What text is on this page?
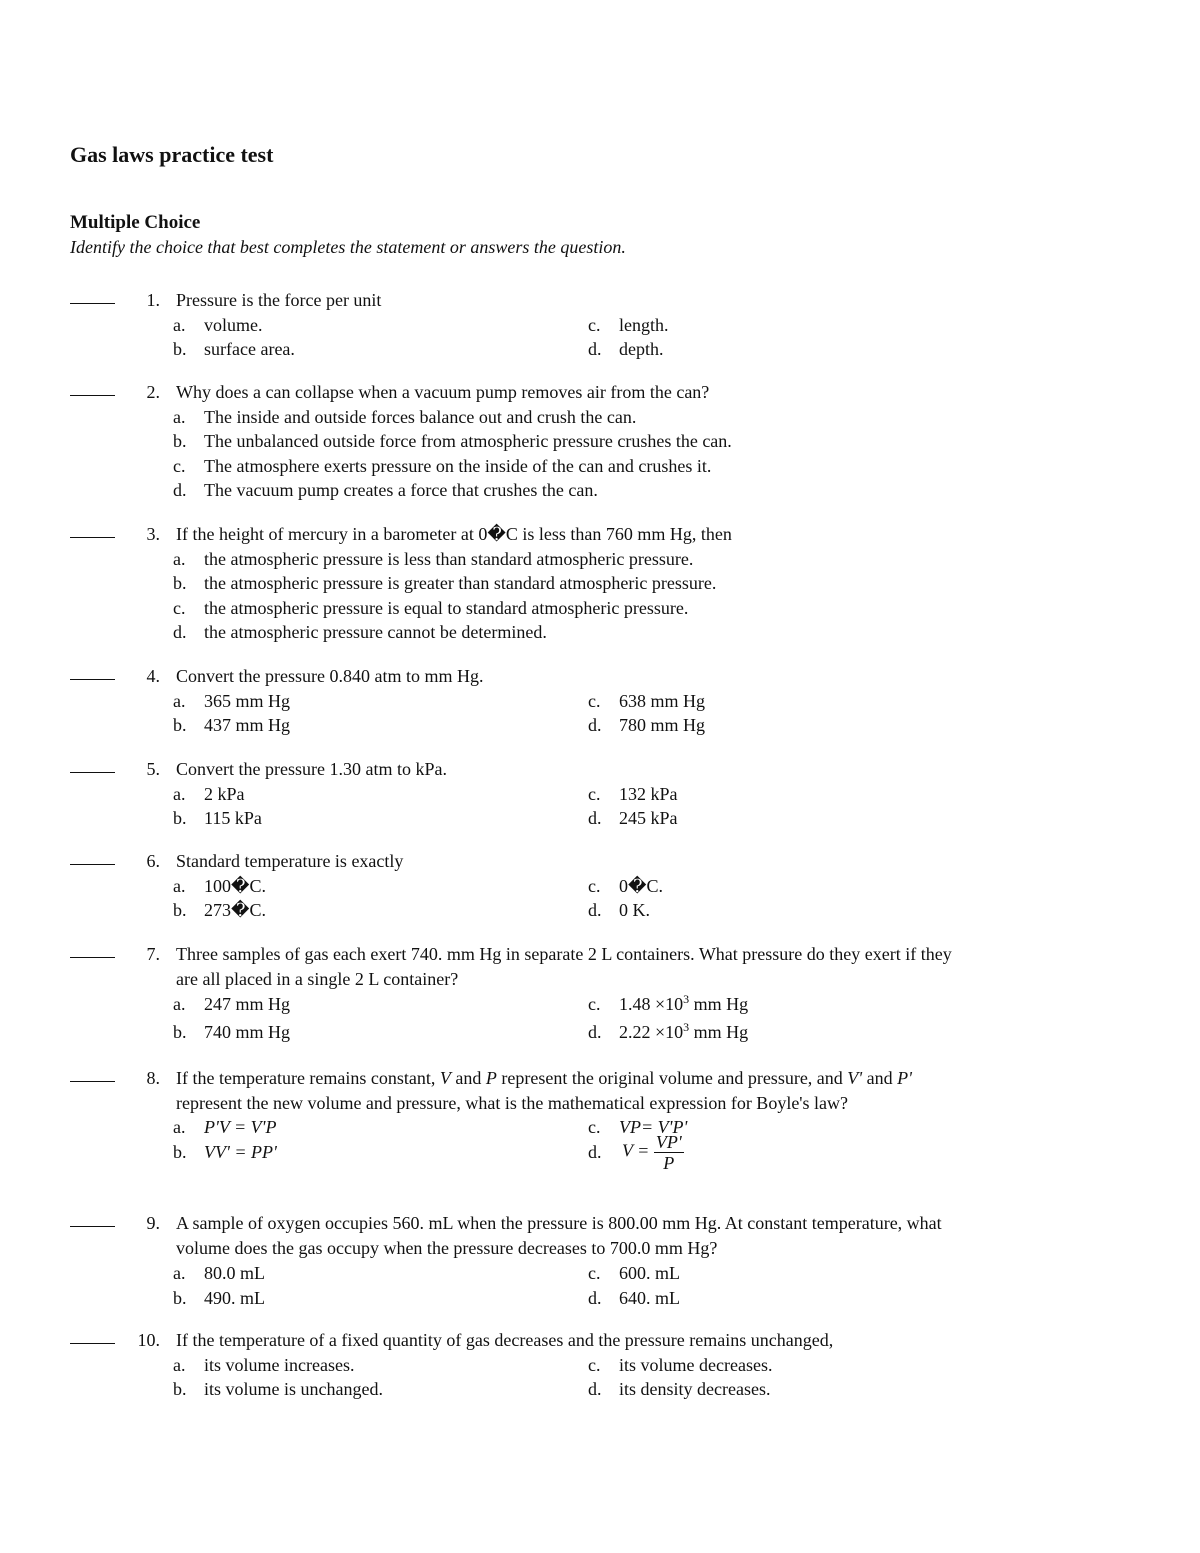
Gas laws practice test
Multiple Choice
Identify the choice that best completes the statement or answers the question.
1. Pressure is the force per unit
a. volume.
b. surface area.
c. length.
d. depth.
2. Why does a can collapse when a vacuum pump removes air from the can?
a. The inside and outside forces balance out and crush the can.
b. The unbalanced outside force from atmospheric pressure crushes the can.
c. The atmosphere exerts pressure on the inside of the can and crushes it.
d. The vacuum pump creates a force that crushes the can.
3. If the height of mercury in a barometer at 0�C is less than 760 mm Hg, then
a. the atmospheric pressure is less than standard atmospheric pressure.
b. the atmospheric pressure is greater than standard atmospheric pressure.
c. the atmospheric pressure is equal to standard atmospheric pressure.
d. the atmospheric pressure cannot be determined.
4. Convert the pressure 0.840 atm to mm Hg.
a. 365 mm Hg
b. 437 mm Hg
c. 638 mm Hg
d. 780 mm Hg
5. Convert the pressure 1.30 atm to kPa.
a. 2 kPa
b. 115 kPa
c. 132 kPa
d. 245 kPa
6. Standard temperature is exactly
a. 100�C.
b. 273�C.
c. 0�C.
d. 0 K.
7. Three samples of gas each exert 740. mm Hg in separate 2 L containers. What pressure do they exert if they
are all placed in a single 2 L container?
a. 247 mm Hg
b. 740 mm Hg
c. $1.48 \times 10^3$ mm Hg
d. $2.22 \times 10^3$ mm Hg
8. If the temperature remains constant, V and P represent the original volume and pressure, and V' and P'
represent the new volume and pressure, what is the mathematical expression for Boyle's law?
a. P'V = V'P
b. VV' = PP'
c. VP= V'P'
d. $V = \frac{VP'}{P}$
9. A sample of oxygen occupies 560. mL when the pressure is 800.00 mm Hg. At constant temperature, what
volume does the gas occupy when the pressure decreases to 700.0 mm Hg?
a. 80.0 mL
b. 490. mL
c. 600. mL
d. 640. mL
10. If the temperature of a fixed quantity of gas decreases and the pressure remains unchanged,
a. its volume increases.
b. its volume is unchanged.
c. its volume decreases.
d. its density decreases.
